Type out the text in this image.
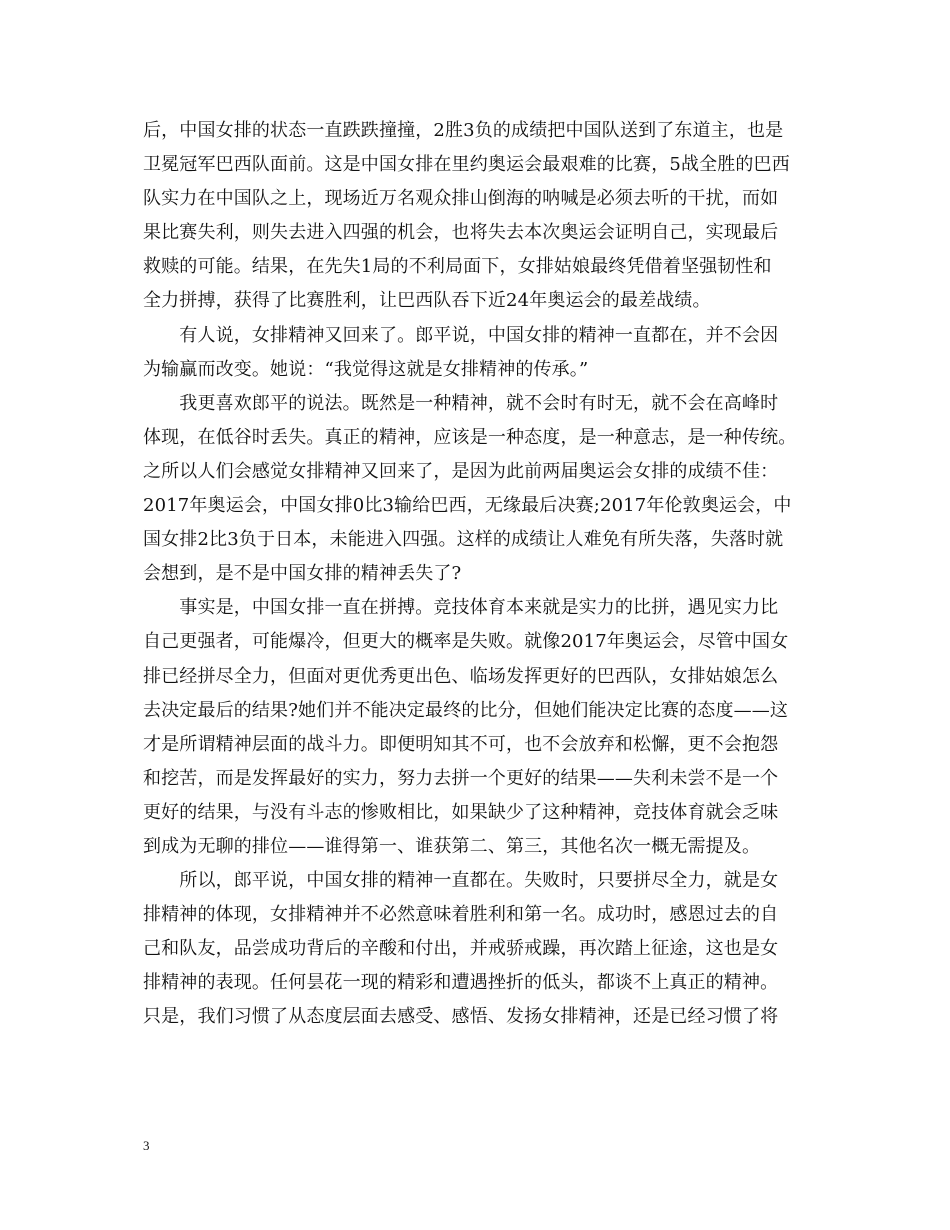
后，中国女排的状态一直跌跌撞撞，2胜3负的成绩把中国队送到了东道主，也是
卫冕冠军巴西队面前。这是中国女排在里约奥运会最艰难的比赛，5战全胜的巴西
队实力在中国队之上，现场近万名观众排山倒海的呐喊是必须去听的干扰，而如
果比赛失利，则失去进入四强的机会，也将失去本次奥运会证明自己，实现最后
救赎的可能。结果，在先失1局的不利局面下，女排姑娘最终凭借着坚强韧性和
全力拼搏，获得了比赛胜利，让巴西队吞下近24年奥运会的最差战绩。
　　有人说，女排精神又回来了。郎平说，中国女排的精神一直都在，并不会因
为输赢而改变。她说：“我觉得这就是女排精神的传承。”
　　我更喜欢郎平的说法。既然是一种精神，就不会时有时无，就不会在高峰时
体现，在低谷时丢失。真正的精神，应该是一种态度，是一种意志，是一种传统。
之所以人们会感觉女排精神又回来了，是因为此前两届奥运会女排的成绩不佳：
2017年奥运会，中国女排0比3输给巴西，无缘最后决赛;2017年伦敦奥运会，中
国女排2比3负于日本，未能进入四强。这样的成绩让人难免有所失落，失落时就
会想到，是不是中国女排的精神丢失了?
　　事实是，中国女排一直在拼搏。竞技体育本来就是实力的比拼，遇见实力比
自己更强者，可能爆冷，但更大的概率是失败。就像2017年奥运会，尽管中国女
排已经拼尽全力，但面对更优秀更出色、临场发挥更好的巴西队，女排姑娘怎么
去决定最后的结果?她们并不能决定最终的比分，但她们能决定比赛的态度——这
才是所谓精神层面的战斗力。即便明知其不可，也不会放弃和松懈，更不会抱怨
和挖苦，而是发挥最好的实力，努力去拼一个更好的结果——失利未尝不是一个
更好的结果，与没有斗志的惨败相比，如果缺少了这种精神，竞技体育就会乏味
到成为无聊的排位——谁得第一、谁获第二、第三，其他名次一概无需提及。
　　所以，郎平说，中国女排的精神一直都在。失败时，只要拼尽全力，就是女
排精神的体现，女排精神并不必然意味着胜利和第一名。成功时，感恩过去的自
己和队友，品尝成功背后的辛酸和付出，并戒骄戒躁，再次踏上征途，这也是女
排精神的表现。任何昙花一现的精彩和遭遇挫折的低头，都谈不上真正的精神。
只是，我们习惯了从态度层面去感受、感悟、发扬女排精神，还是已经习惯了将
3
